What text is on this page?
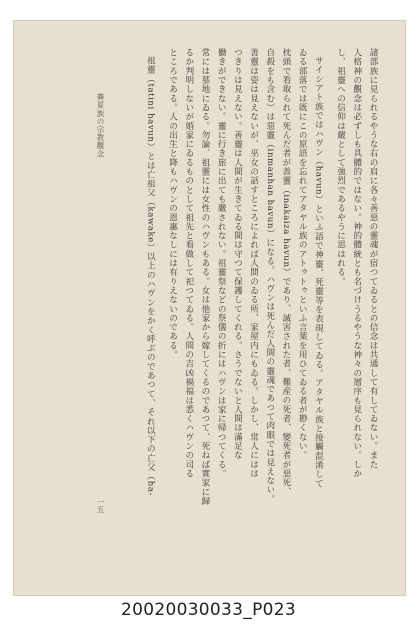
諸部族に見られるやうな右の肩に各々善惡の靈魂が宿つてゐるとの信念は共通して有してゐない。また
人格神の觀念は必ずしも具體的ではない。神的體統とも名づけうるやうな神々の層序も見られない。しか
し、祖靈への信仰は嚴として強烈であるやうに思はれる。
サイシアト族ではハヴン（havun）といふ語で神靈、死靈等を表現してゐる。アタヤル族と接觸混淆して
ゐる部落では既にこの原語を忘れてアタヤル族のアトゥトゥといふ言葉を用ひてゐる者が尠くない。
枕頭で看取られて死んだ者が善靈（inakaiza havun）であり、誠害された者、難産の死者、變死者が惡死、
自殺をも含む）は惡靈（inmanhan havun）になる。ハヴンは死んだ人間の靈魂であつて肉眼では見えない。
善靈は姿は見えないが、巫女の話すところによれば人間のゐる所、家屋内にもゐる。しかし、常人にはは
つきりは見えない。善靈は人間が生きてゐる間は守つて保護してくれる。さうでないと人間は滿足な
働きができない。靈に行き旅に出ても嚴されない。祖靈祭などの祭儀の折にはハヴンは家に帰つてくる。
常には墓地にゐる。勿論、祖靈には女性のハヴンもある。女は他家から嫁してくるのであつて、死ねば實家に歸
るか判明しないが婚家にゐるものとして祖先と看做して祀つてゐる。人間の吉凶禍福は悉くハヴンの司る
ところである。人の出生と降もハヴンの恩惠なしには有りえないのである。
祖靈（tatini havun）とは亡祖父（kawake）以上のハヴンをかく呼ぶのであつて、それ以下の亡父（ha-
賽夏族の宗教觀念
一五
20020030033_P023
